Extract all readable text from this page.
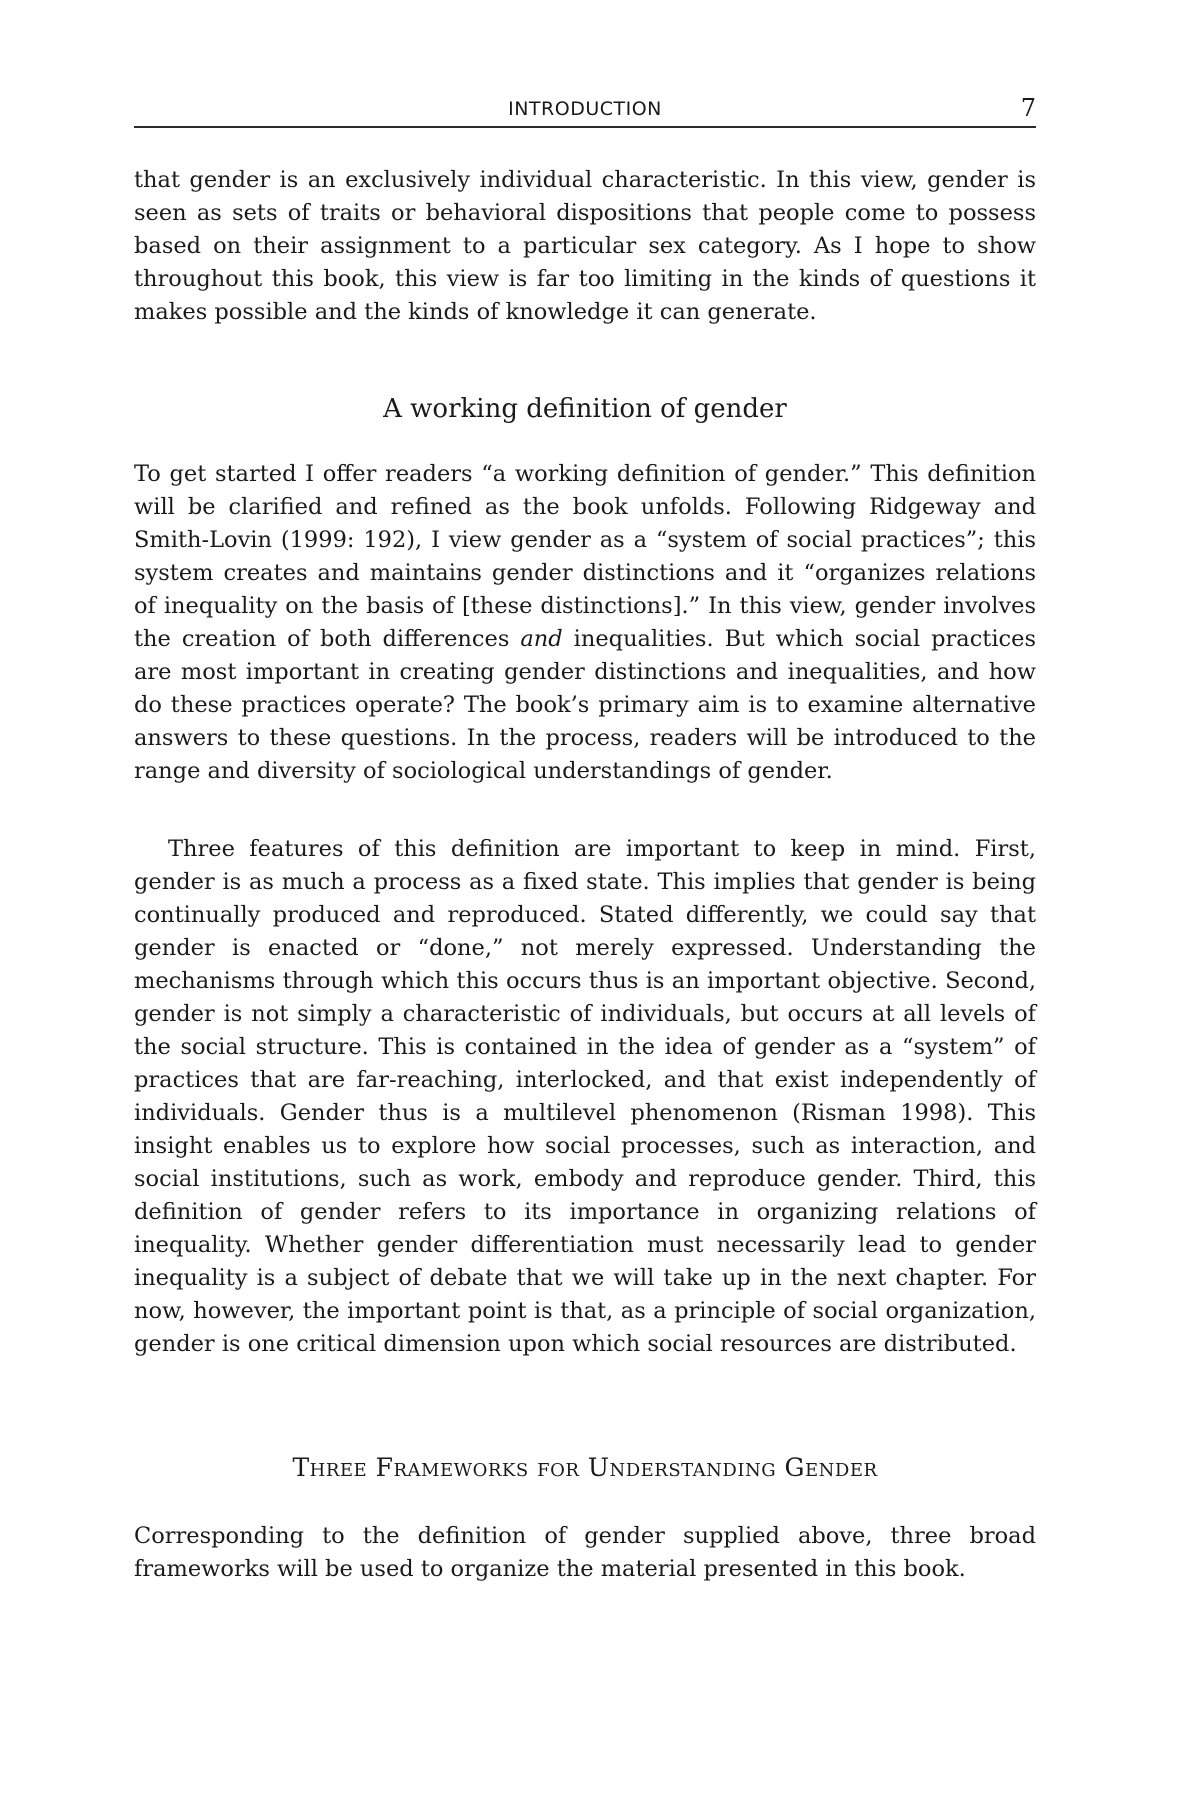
INTRODUCTION	7

that gender is an exclusively individual characteristic. In this view, gender is seen as sets of traits or behavioral dispositions that people come to possess based on their assignment to a particular sex category. As I hope to show throughout this book, this view is far too limiting in the kinds of questions it makes possible and the kinds of knowledge it can generate.

A working definition of gender

To get started I offer readers “a working definition of gender.” This definition will be clarified and refined as the book unfolds. Following Ridgeway and Smith-Lovin (1999: 192), I view gender as a “system of social practices”; this system creates and maintains gender distinctions and it “organizes relations of inequality on the basis of [these distinctions].” In this view, gender involves the creation of both differences and inequalities. But which social practices are most important in creating gender distinctions and inequalities, and how do these practices operate? The book’s primary aim is to examine alternative answers to these questions. In the process, readers will be introduced to the range and diversity of sociological understandings of gender.

Three features of this definition are important to keep in mind. First, gender is as much a process as a fixed state. This implies that gender is being continually produced and reproduced. Stated differently, we could say that gender is enacted or “done,” not merely expressed. Understanding the mechanisms through which this occurs thus is an important objective. Second, gender is not simply a characteristic of individuals, but occurs at all levels of the social structure. This is contained in the idea of gender as a “system” of practices that are far-reaching, interlocked, and that exist independently of individuals. Gender thus is a multilevel phenomenon (Risman 1998). This insight enables us to explore how social processes, such as interaction, and social institutions, such as work, embody and reproduce gender. Third, this definition of gender refers to its importance in organizing relations of inequality. Whether gender differentiation must necessarily lead to gender inequality is a subject of debate that we will take up in the next chapter. For now, however, the important point is that, as a principle of social organization, gender is one critical dimension upon which social resources are distributed.

Three Frameworks for Understanding Gender

Corresponding to the definition of gender supplied above, three broad frameworks will be used to organize the material presented in this book.
